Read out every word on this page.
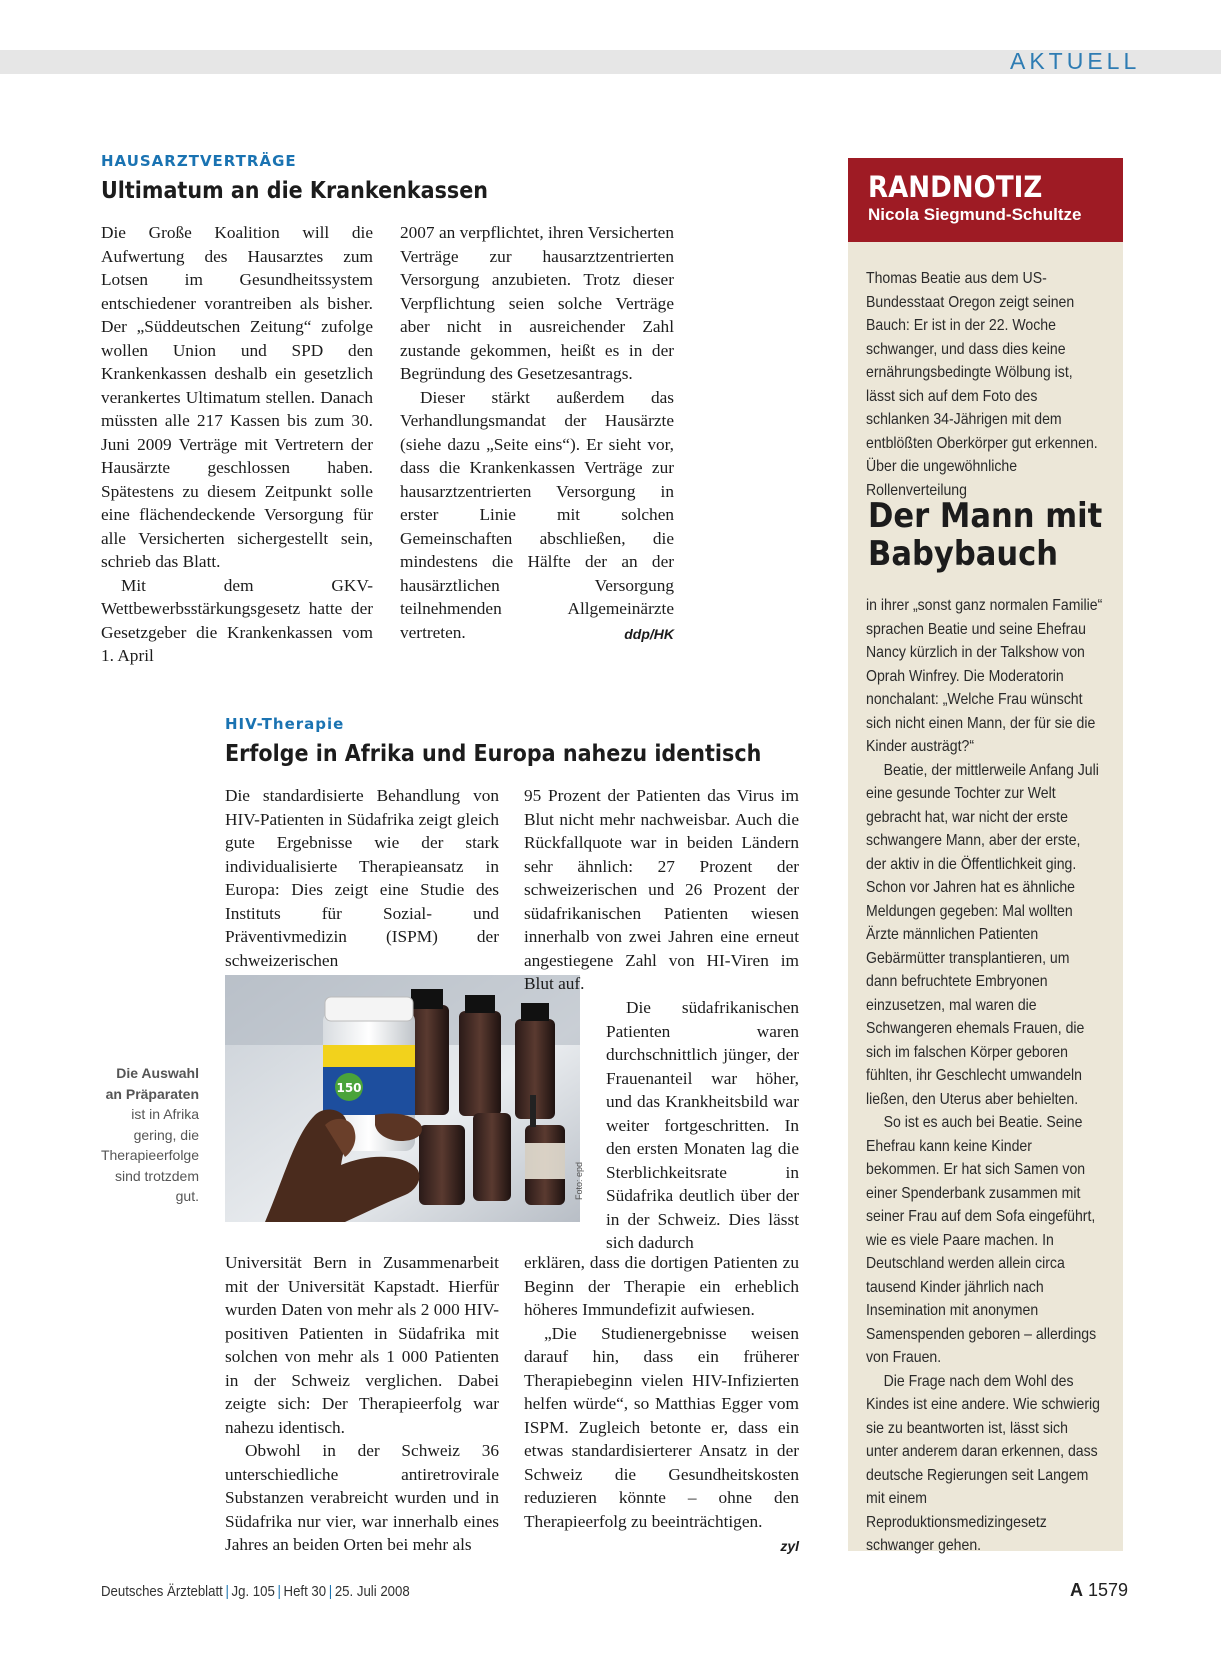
AKTUELL
HAUSARZTVERTRÄGE
Ultimatum an die Krankenkassen

Die Große Koalition will die Aufwertung des Hausarztes zum Lotsen im Gesundheitssystem entschiedener vorantreiben als bisher. Der „Süddeutschen Zeitung“ zufolge wollen Union und SPD den Krankenkassen deshalb ein gesetzlich verankertes Ultimatum stellen. Danach müssten alle 217 Kassen bis zum 30. Juni 2009 Verträge mit Vertretern der Hausärzte geschlossen haben. Spätestens zu diesem Zeitpunkt solle eine flächendeckende Versorgung für alle Versicherten sichergestellt sein, schrieb das Blatt.

Mit dem GKV-Wettbewerbsstärkungsgesetz hatte der Gesetzgeber die Krankenkassen vom 1. April

2007 an verpflichtet, ihren Versicherten Verträge zur hausarztzentrierten Versorgung anzubieten. Trotz dieser Verpflichtung seien solche Verträge aber nicht in ausreichender Zahl zustande gekommen, heißt es in der Begründung des Gesetzesantrags.

Dieser stärkt außerdem das Verhandlungsmandat der Hausärzte (siehe dazu „Seite eins“). Er sieht vor, dass die Krankenkassen Verträge zur hausarztzentrierten Versorgung in erster Linie mit solchen Gemeinschaften abschließen, die mindestens die Hälfte der an der hausärztlichen Versorgung teilnehmenden Allgemeinärzte vertreten.	ddp/HK

HIV-Therapie
Erfolge in Afrika und Europa nahezu identisch

Die standardisierte Behandlung von HIV-Patienten in Südafrika zeigt gleich gute Ergebnisse wie der stark individualisierte Therapieansatz in Europa: Dies zeigt eine Studie des Instituts für Sozial- und Präventivmedizin (ISPM) der schweizerischen

150
Foto: epd
Die Auswahl
an Präparaten
ist in Afrika gering, die Therapieerfolge sind trotzdem gut.

Universität Bern in Zusammenarbeit mit der Universität Kapstadt. Hierfür wurden Daten von mehr als 2 000 HIV-positiven Patienten in Südafrika mit solchen von mehr als 1 000 Patienten in der Schweiz verglichen. Dabei zeigte sich: Der Therapieerfolg war nahezu identisch.

Obwohl in der Schweiz 36 unterschiedliche antiretrovirale Substanzen verabreicht wurden und in Südafrika nur vier, war innerhalb eines Jahres an beiden Orten bei mehr als

95 Prozent der Patienten das Virus im Blut nicht mehr nachweisbar. Auch die Rückfallquote war in beiden Ländern sehr ähnlich: 27 Prozent der schweizerischen und 26 Prozent der südafrikanischen Patienten wiesen innerhalb von zwei Jahren eine erneut angestiegene Zahl von HI-Viren im Blut auf.

Die südafrikanischen Patienten waren durchschnittlich jünger, der Frauenanteil war höher, und das Krankheitsbild war weiter fortgeschritten. In den ersten Monaten lag die Sterblichkeitsrate in Südafrika deutlich über der in der Schweiz. Dies lässt sich dadurch

erklären, dass die dortigen Patienten zu Beginn der Therapie ein erheblich höheres Immundefizit aufwiesen.

„Die Studienergebnisse weisen darauf hin, dass ein früherer Therapiebeginn vielen HIV-Infizierten helfen würde“, so Matthias Egger vom ISPM. Zugleich betonte er, dass ein etwas standardisierterer Ansatz in der Schweiz die Gesundheitskosten reduzieren könnte – ohne den Therapieerfolg zu beeinträchtigen.
zyl

RANDNOTIZ
Nicola Siegmund-Schultze

Thomas Beatie aus dem US-Bundesstaat Oregon zeigt seinen Bauch: Er ist in der 22. Woche schwanger, und dass dies keine ernährungsbedingte Wölbung ist, lässt sich auf dem Foto des schlanken 34-Jährigen mit dem entblößten Oberkörper gut erkennen. Über die ungewöhnliche Rollenverteilung

Der Mann mit Babybauch

in ihrer „sonst ganz normalen Familie“ sprachen Beatie und seine Ehefrau Nancy kürzlich in der Talkshow von Oprah Winfrey. Die Moderatorin nonchalant: „Welche Frau wünscht sich nicht einen Mann, der für sie die Kinder austrägt?“

Beatie, der mittlerweile Anfang Juli eine gesunde Tochter zur Welt gebracht hat, war nicht der erste schwangere Mann, aber der erste, der aktiv in die Öffentlichkeit ging. Schon vor Jahren hat es ähnliche Meldungen gegeben: Mal wollten Ärzte männlichen Patienten Gebärmütter transplantieren, um dann befruchtete Embryonen einzusetzen, mal waren die Schwangeren ehemals Frauen, die sich im falschen Körper geboren fühlten, ihr Geschlecht umwandeln ließen, den Uterus aber behielten.

So ist es auch bei Beatie. Seine Ehefrau kann keine Kinder bekommen. Er hat sich Samen von einer Spenderbank zusammen mit seiner Frau auf dem Sofa eingeführt, wie es viele Paare machen. In Deutschland werden allein circa tausend Kinder jährlich nach Insemination mit anonymen Samenspenden geboren – allerdings von Frauen.

Die Frage nach dem Wohl des Kindes ist eine andere. Wie schwierig sie zu beantworten ist, lässt sich unter anderem daran erkennen, dass deutsche Regierungen seit Langem mit einem Reproduktionsmedizingesetz schwanger gehen.

Deutsches Ärzteblatt | Jg. 105 | Heft 30 | 25. Juli 2008	A 1579
